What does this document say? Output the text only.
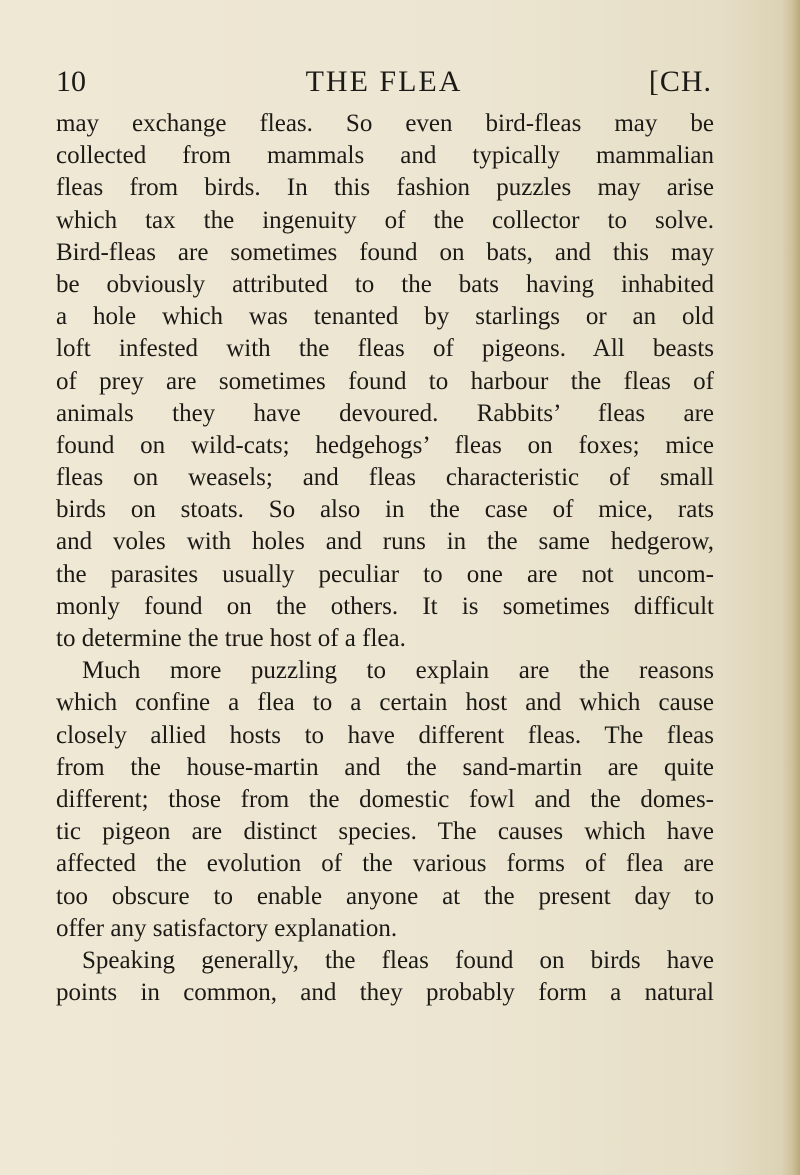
10	THE FLEA	[CH.
may exchange fleas. So even bird-fleas may be
collected from mammals and typically mammalian
fleas from birds. In this fashion puzzles may arise
which tax the ingenuity of the collector to solve.
Bird-fleas are sometimes found on bats, and this may
be obviously attributed to the bats having inhabited
a hole which was tenanted by starlings or an old
loft infested with the fleas of pigeons. All beasts
of prey are sometimes found to harbour the fleas of
animals they have devoured. Rabbits’ fleas are
found on wild-cats; hedgehogs’ fleas on foxes; mice
fleas on weasels; and fleas characteristic of small
birds on stoats. So also in the case of mice, rats
and voles with holes and runs in the same hedgerow,
the parasites usually peculiar to one are not uncom-
monly found on the others. It is sometimes difficult
to determine the true host of a flea.
Much more puzzling to explain are the reasons
which confine a flea to a certain host and which cause
closely allied hosts to have different fleas. The fleas
from the house-martin and the sand-martin are quite
different; those from the domestic fowl and the domes-
tic pigeon are distinct species. The causes which have
affected the evolution of the various forms of flea are
too obscure to enable anyone at the present day to
offer any satisfactory explanation.
Speaking generally, the fleas found on birds have
points in common, and they probably form a natural
